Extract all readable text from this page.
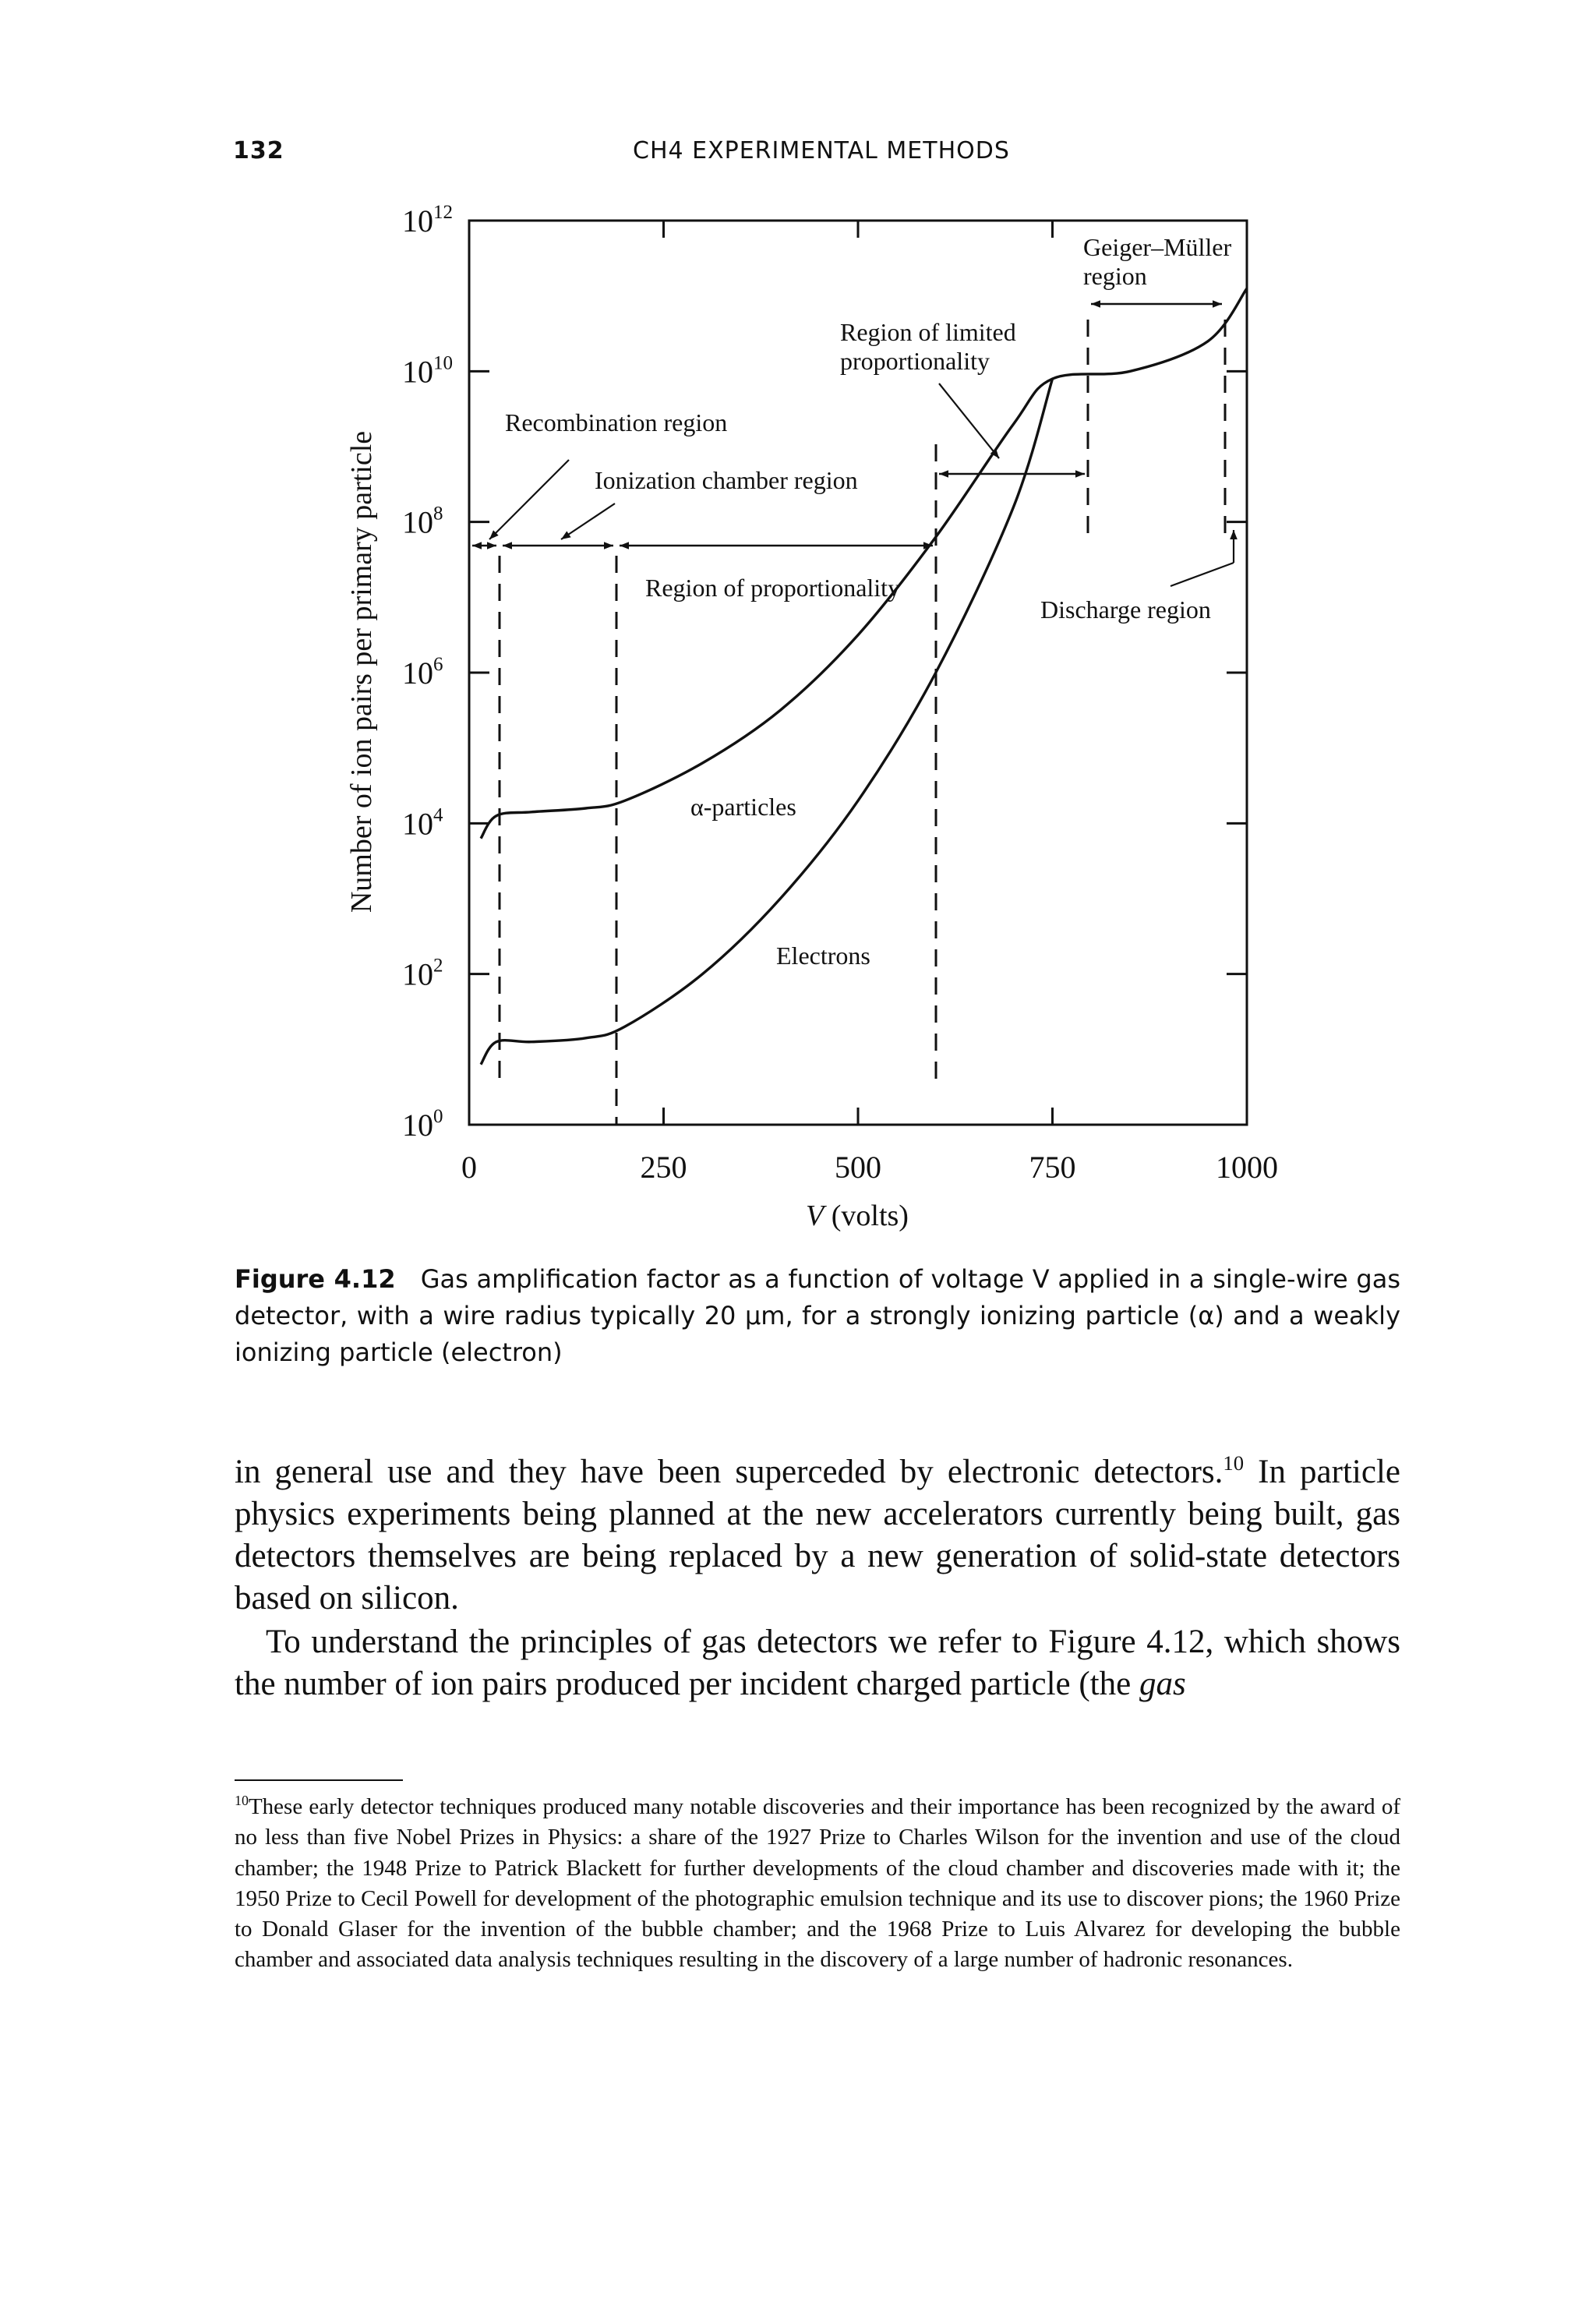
132	CH4 EXPERIMENTAL METHODS
$10^0$
$10^2$
$10^4$
$10^6$
$10^8$
$10^{10}$
$10^{12}$
0	250	500	750	1000
Number of ion pairs per primary particle
V (volts)
Recombination region
Ionization chamber region
Region of proportionality
Region of limited
proportionality
Geiger–Müller
region
Discharge region
α-particles
Electrons
Figure 4.12 Gas amplification factor as a function of voltage V applied in a single-wire gas detector, with a wire radius typically 20 μm, for a strongly ionizing particle (α) and a weakly ionizing particle (electron)
in general use and they have been superceded by electronic detectors.$^{10}$ In particle physics experiments being planned at the new accelerators currently being built, gas detectors themselves are being replaced by a new generation of solid-state detectors based on silicon.
To understand the principles of gas detectors we refer to Figure 4.12, which shows the number of ion pairs produced per incident charged particle (the gas
$^{10}$These early detector techniques produced many notable discoveries and their importance has been recognized by the award of no less than five Nobel Prizes in Physics: a share of the 1927 Prize to Charles Wilson for the invention and use of the cloud chamber; the 1948 Prize to Patrick Blackett for further developments of the cloud chamber and discoveries made with it; the 1950 Prize to Cecil Powell for development of the photographic emulsion technique and its use to discover pions; the 1960 Prize to Donald Glaser for the invention of the bubble chamber; and the 1968 Prize to Luis Alvarez for developing the bubble chamber and associated data analysis techniques resulting in the discovery of a large number of hadronic resonances.
